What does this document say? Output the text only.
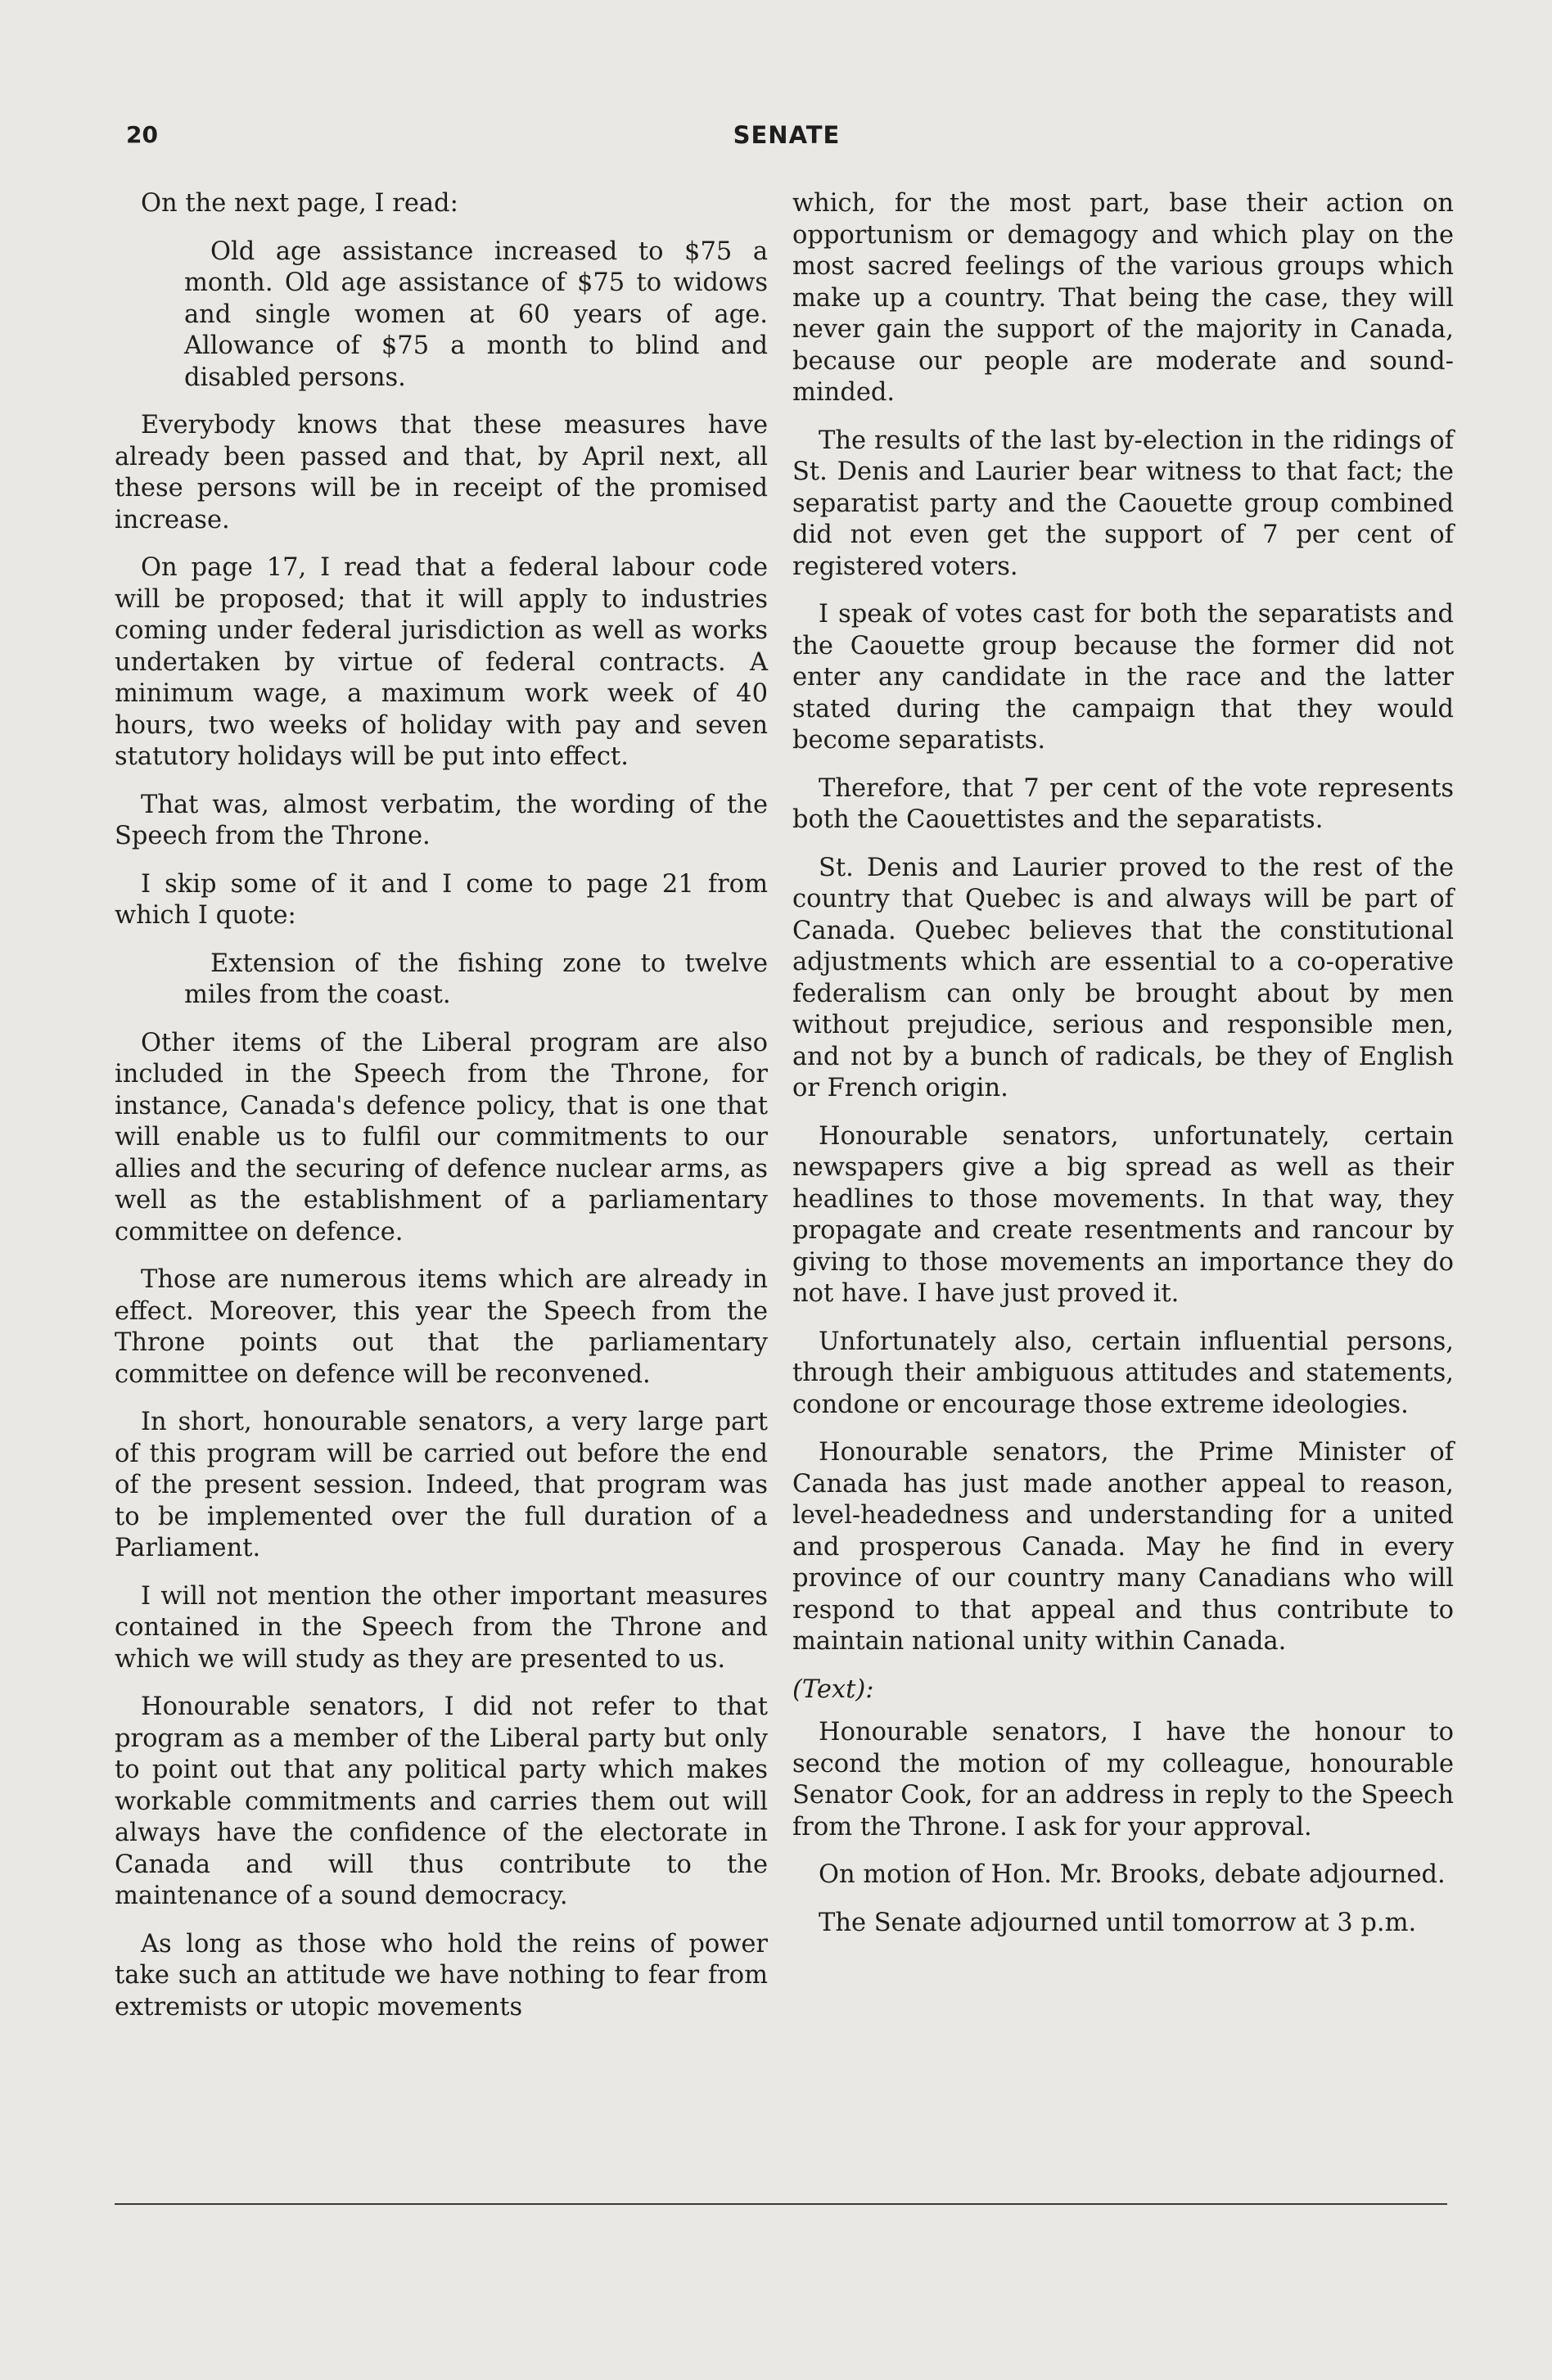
20	SENATE

On the next page, I read:

Old age assistance increased to $75 a month. Old age assistance of $75 to widows and single women at 60 years of age. Allowance of $75 a month to blind and disabled persons.

Everybody knows that these measures have already been passed and that, by April next, all these persons will be in receipt of the promised increase.

On page 17, I read that a federal labour code will be proposed; that it will apply to industries coming under federal jurisdiction as well as works undertaken by virtue of federal contracts. A minimum wage, a maximum work week of 40 hours, two weeks of holiday with pay and seven statutory holidays will be put into effect.

That was, almost verbatim, the wording of the Speech from the Throne.

I skip some of it and I come to page 21 from which I quote:

Extension of the fishing zone to twelve miles from the coast.

Other items of the Liberal program are also included in the Speech from the Throne, for instance, Canada's defence policy, that is one that will enable us to fulfil our commitments to our allies and the securing of defence nuclear arms, as well as the establishment of a parliamentary committee on defence.

Those are numerous items which are already in effect. Moreover, this year the Speech from the Throne points out that the parliamentary committee on defence will be reconvened.

In short, honourable senators, a very large part of this program will be carried out before the end of the present session. Indeed, that program was to be implemented over the full duration of a Parliament.

I will not mention the other important measures contained in the Speech from the Throne and which we will study as they are presented to us.

Honourable senators, I did not refer to that program as a member of the Liberal party but only to point out that any political party which makes workable commitments and carries them out will always have the confidence of the electorate in Canada and will thus contribute to the maintenance of a sound democracy.

As long as those who hold the reins of power take such an attitude we have nothing to fear from extremists or utopic movements

which, for the most part, base their action on opportunism or demagogy and which play on the most sacred feelings of the various groups which make up a country. That being the case, they will never gain the support of the majority in Canada, because our people are moderate and sound-minded.

The results of the last by-election in the ridings of St. Denis and Laurier bear witness to that fact; the separatist party and the Caouette group combined did not even get the support of 7 per cent of registered voters.

I speak of votes cast for both the separatists and the Caouette group because the former did not enter any candidate in the race and the latter stated during the campaign that they would become separatists.

Therefore, that 7 per cent of the vote represents both the Caouettistes and the separatists.

St. Denis and Laurier proved to the rest of the country that Quebec is and always will be part of Canada. Quebec believes that the constitutional adjustments which are essential to a co-operative federalism can only be brought about by men without prejudice, serious and responsible men, and not by a bunch of radicals, be they of English or French origin.

Honourable senators, unfortunately, certain newspapers give a big spread as well as their headlines to those movements. In that way, they propagate and create resentments and rancour by giving to those movements an importance they do not have. I have just proved it.

Unfortunately also, certain influential persons, through their ambiguous attitudes and statements, condone or encourage those extreme ideologies.

Honourable senators, the Prime Minister of Canada has just made another appeal to reason, level-headedness and understanding for a united and prosperous Canada. May he find in every province of our country many Canadians who will respond to that appeal and thus contribute to maintain national unity within Canada.

(Text):

Honourable senators, I have the honour to second the motion of my colleague, honourable Senator Cook, for an address in reply to the Speech from the Throne. I ask for your approval.

On motion of Hon. Mr. Brooks, debate adjourned.

The Senate adjourned until tomorrow at 3 p.m.
